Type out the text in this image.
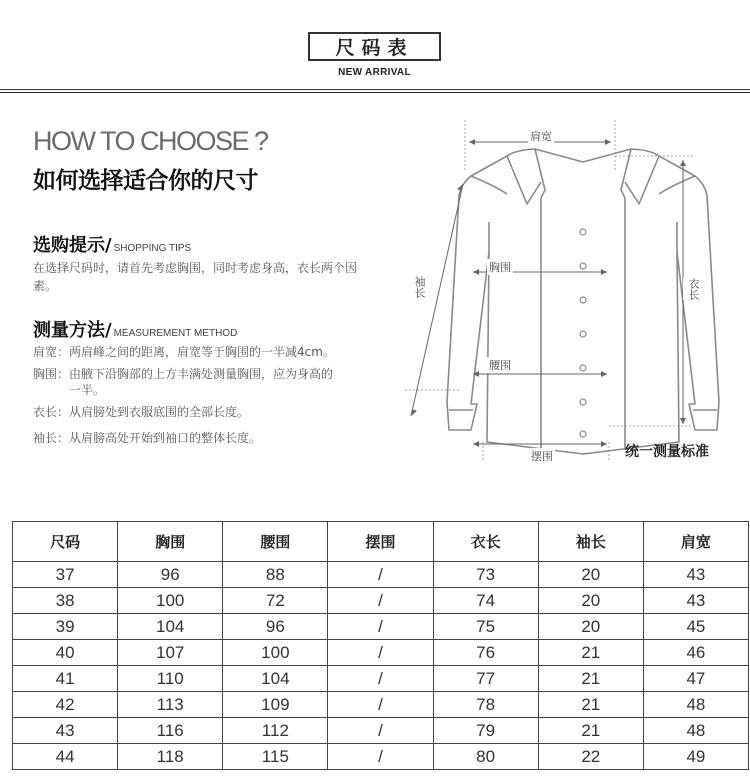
尺码表
NEW ARRIVAL
HOW TO CHOOSE ?
如何选择适合你的尺寸
选购提示/ SHOPPING TIPS
在选择尺码时，请首先考虑胸围，同时考虑身高，衣长两个因素。
测量方法/ MEASUREMENT METHOD
肩宽：两肩峰之间的距离，肩宽等于胸围的一半减4cm。
胸围：由腋下沿胸部的上方丰满处测量胸围，应为身高的一半。
衣长：从肩膀处到衣服底围的全部长度。
袖长：从肩膀高处开始到袖口的整体长度。
肩宽
胸围
腰围
摆围
袖长	衣长
统一测量标准
尺码	胸围	腰围	摆围	衣长	袖长	肩宽
37	96	88	/	73	20	43
38	100	72	/	74	20	43
39	104	96	/	75	20	45
40	107	100	/	76	21	46
41	110	104	/	77	21	47
42	113	109	/	78	21	48
43	116	112	/	79	21	48
44	118	115	/	80	22	49
